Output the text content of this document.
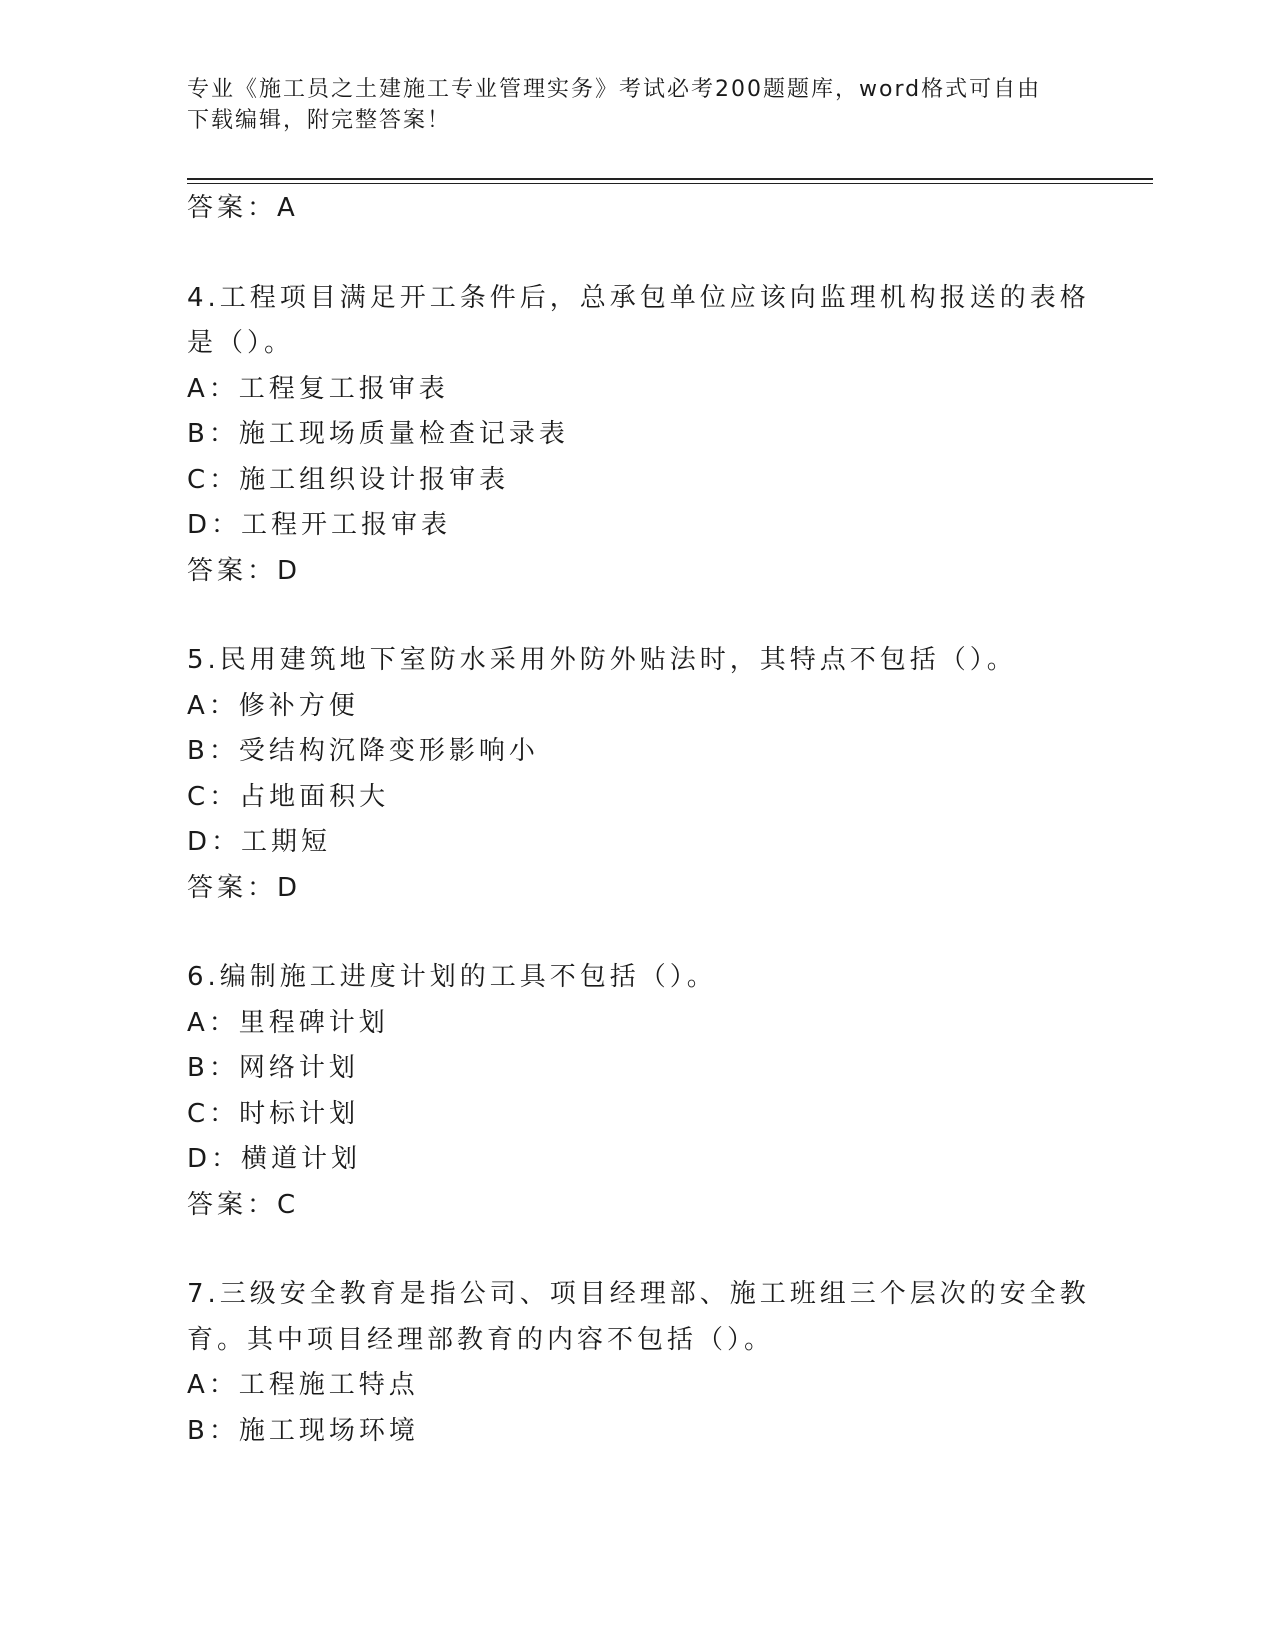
专业《施工员之土建施工专业管理实务》考试必考200题题库，word格式可自由
下载编辑，附完整答案！
答案：A
4.工程项目满足开工条件后，总承包单位应该向监理机构报送的表格
是（）。
A：工程复工报审表
B：施工现场质量检查记录表
C：施工组织设计报审表
D：工程开工报审表
答案：D
5.民用建筑地下室防水采用外防外贴法时，其特点不包括（）。
A：修补方便
B：受结构沉降变形影响小
C：占地面积大
D：工期短
答案：D
6.编制施工进度计划的工具不包括（）。
A：里程碑计划
B：网络计划
C：时标计划
D：横道计划
答案：C
7.三级安全教育是指公司、项目经理部、施工班组三个层次的安全教
育。其中项目经理部教育的内容不包括（）。
A：工程施工特点
B：施工现场环境
